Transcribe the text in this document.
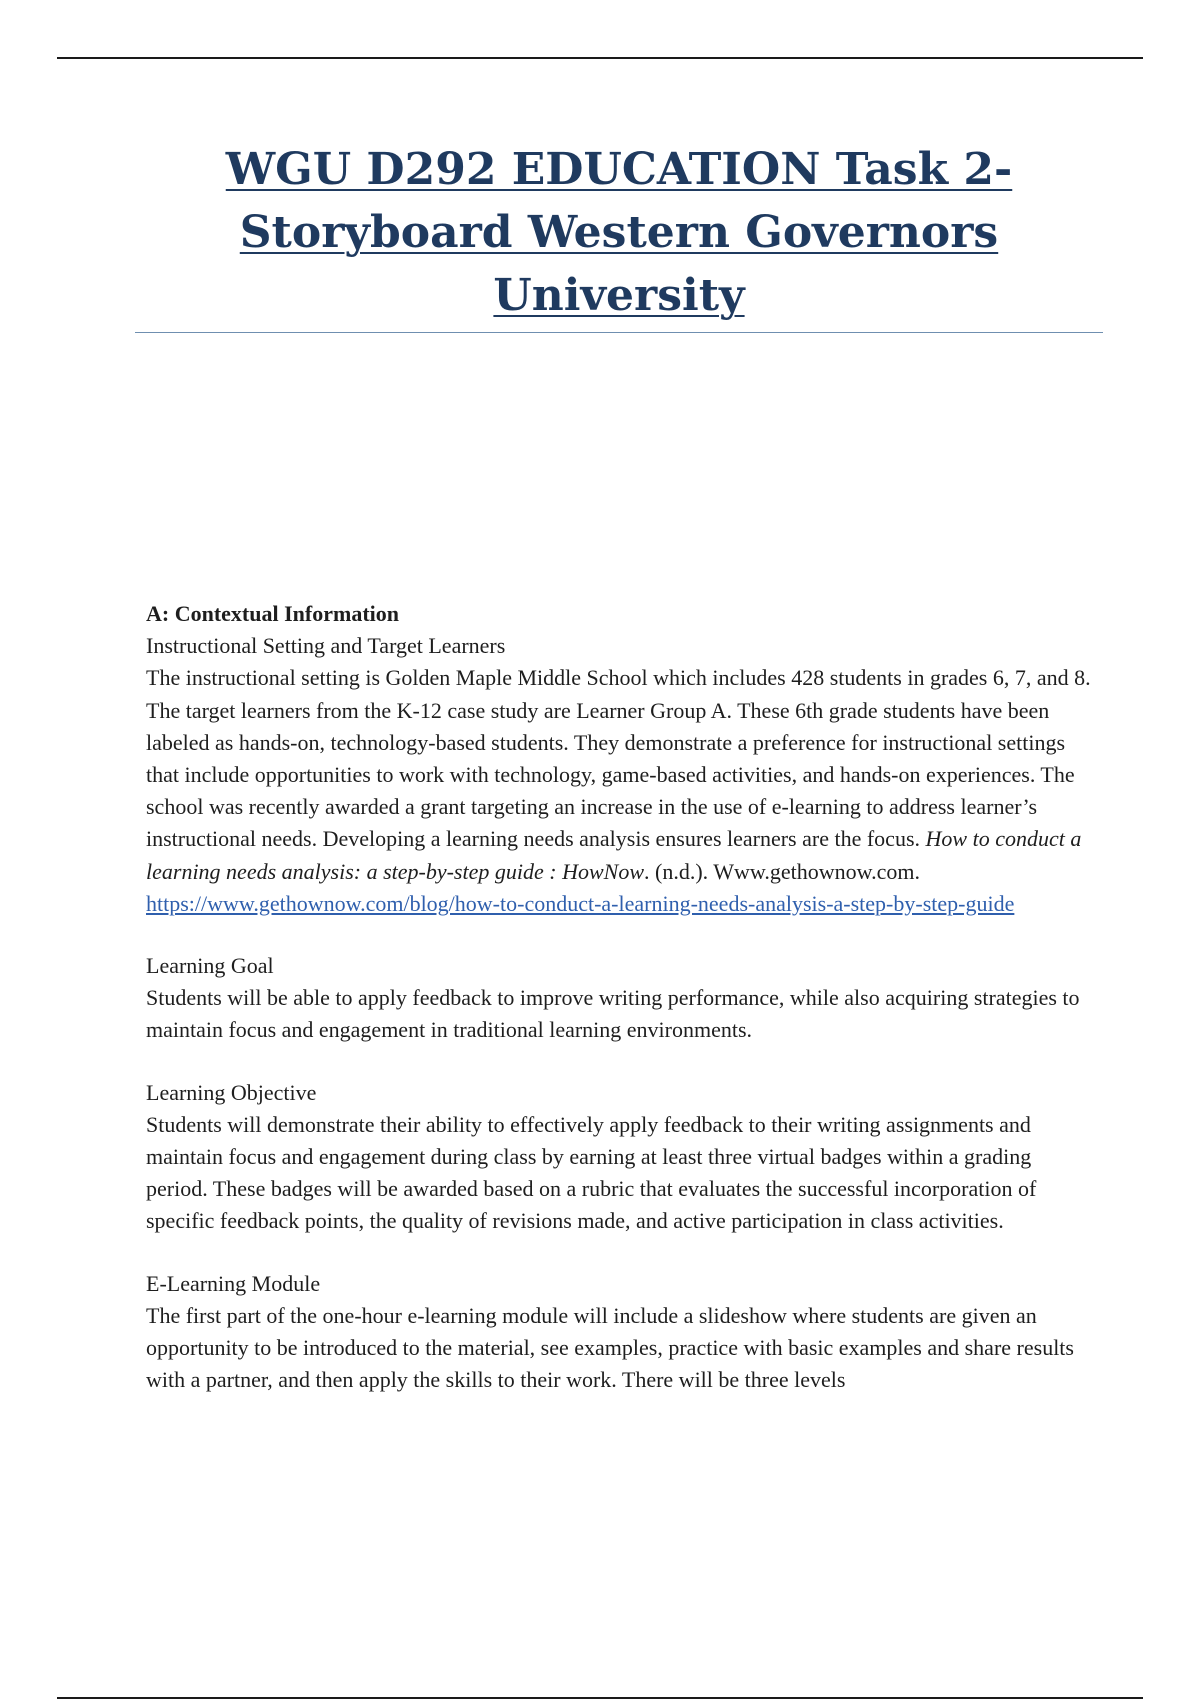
WGU D292 EDUCATION Task 2- Storyboard Western Governors University

A: Contextual Information

Instructional Setting and Target Learners

The instructional setting is Golden Maple Middle School which includes 428 students in grades 6, 7, and 8. The target learners from the K-12 case study are Learner Group A. These 6th grade students have been labeled as hands-on, technology-based students. They demonstrate a preference for instructional settings that include opportunities to work with technology, game-based activities, and hands-on experiences. The school was recently awarded a grant targeting an increase in the use of e-learning to address learner’s instructional needs. Developing a learning needs analysis ensures learners are the focus. How to conduct a learning needs analysis: a step-by-step guide : HowNow. (n.d.). Www.gethownow.com.
https://www.gethownow.com/blog/how-to-conduct-a-learning-needs-analysis-a-step-by-step-guide

Learning Goal

Students will be able to apply feedback to improve writing performance, while also acquiring strategies to maintain focus and engagement in traditional learning environments.

Learning Objective

Students will demonstrate their ability to effectively apply feedback to their writing assignments and maintain focus and engagement during class by earning at least three virtual badges within a grading period. These badges will be awarded based on a rubric that evaluates the successful incorporation of specific feedback points, the quality of revisions made, and active participation in class activities.

E-Learning Module

The first part of the one-hour e-learning module will include a slideshow where students are given an opportunity to be introduced to the material, see examples, practice with basic examples and share results with a partner, and then apply the skills to their work. There will be three levels
